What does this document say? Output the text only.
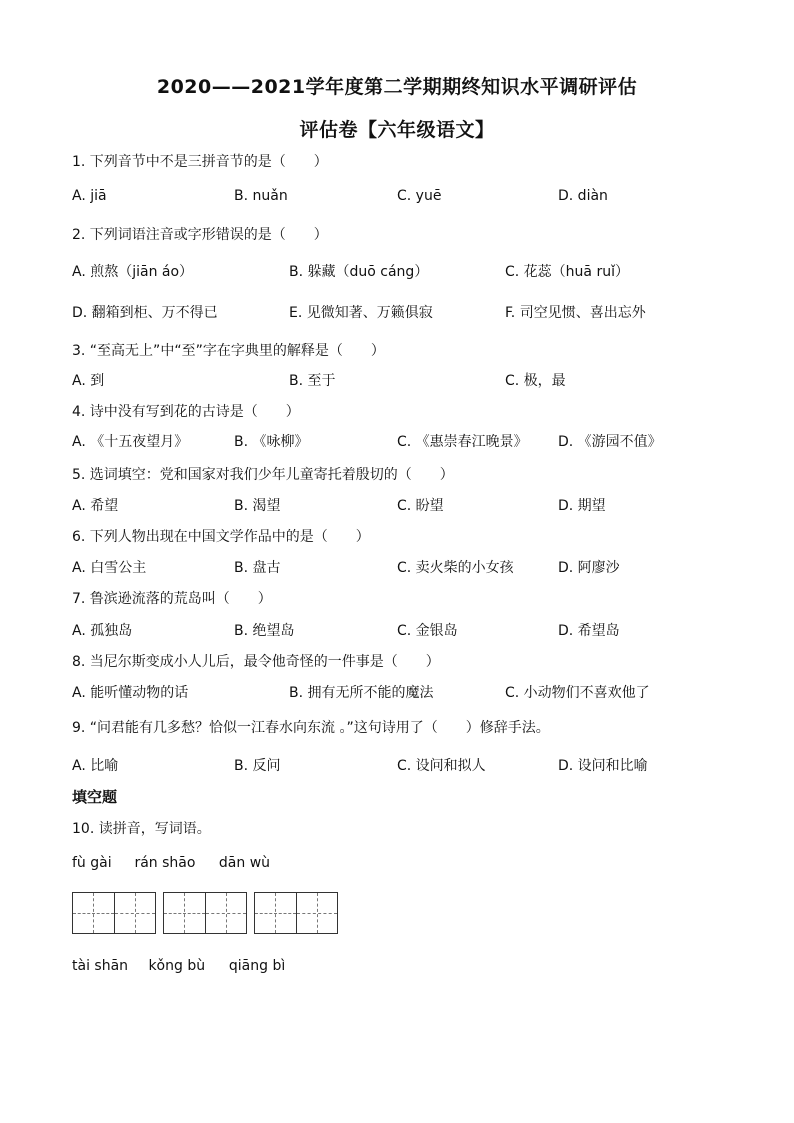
2020——2021学年度第二学期期终知识水平调研评估
评估卷【六年级语文】
1. 下列音节中不是三拼音节的是（　　）
A. jiā	B. nuǎn	C. yuē	D. diàn
2. 下列词语注音或字形错误的是（　　）
A. 煎熬（jiān áo）	B. 躲藏（duō cáng）	C. 花蕊（huā ruǐ）
D. 翻箱到柜、万不得已	E. 见微知著、万籁俱寂	F. 司空见惯、喜出忘外
3. “至高无上”中“至”字在字典里的解释是（　　）
A. 到	B. 至于	C. 极，最
4. 诗中没有写到花的古诗是（　　）
A. 《十五夜望月》	B. 《咏柳》	C. 《惠崇春江晚景》 D. 《游园不值》
5. 选词填空：党和国家对我们少年儿童寄托着殷切的（　　）
A. 希望	B. 渴望	C. 盼望	D. 期望
6. 下列人物出现在中国文学作品中的是（　　）
A. 白雪公主	B. 盘古	C. 卖火柴的小女孩	D. 阿廖沙
7. 鲁滨逊流落的荒岛叫（　　）
A. 孤独岛	B. 绝望岛	C. 金银岛	D. 希望岛
8. 当尼尔斯变成小人儿后，最令他奇怪的一件事是（　　）
A. 能听懂动物的话	B. 拥有无所不能的魔法	C. 小动物们不喜欢他了
9. “问君能有几多愁？恰似一江春水向东流 。”这句诗用了（　　）修辞手法。
A. 比喻	B. 反问	C. 设问和拟人	D. 设问和比喻
填空题
10. 读拼音，写词语。
fù gài rán shāo dān wù
tài shān kǒng bù qiāng bì
